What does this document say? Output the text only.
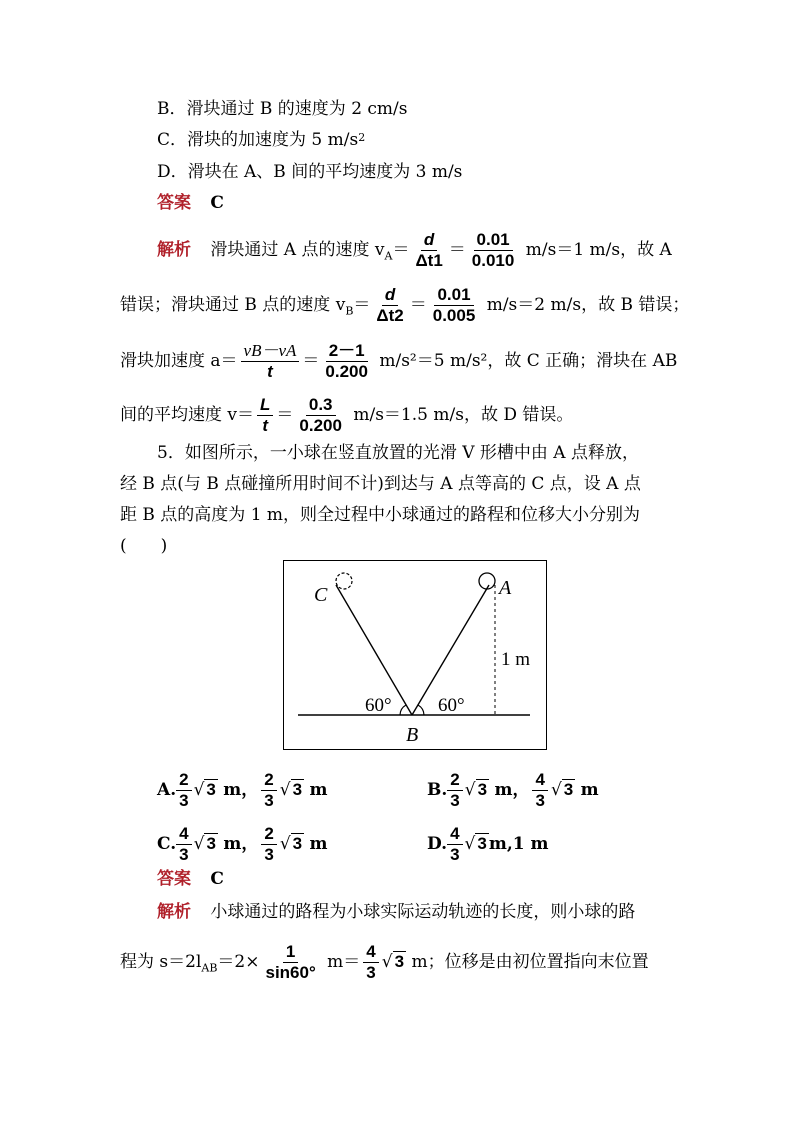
B．滑块通过 B 的速度为 2 cm/s
C．滑块的加速度为 5 $m/s^2$
D．滑块在 A、B 间的平均速度为 3 m/s
答案 C
解析 滑块通过 A 点的速度 $v_A= \frac{d}{\Delta t1} = \frac{0.01}{0.010} m/s=1$ m/s，故 A
错误；滑块通过 B 点的速度 $v_B= \frac{d}{\Delta t2} = \frac{0.01}{0.005} m/s=2$ m/s，故 B 错误；
滑块加速度 $a= \frac{vB-vA}{t} = \frac{2-1}{0.200} m/s^2=5$ m/s²，故 C 正确；滑块在 AB
间的平均速度 $v= \frac{L}{t} = \frac{0.3}{0.200} m/s=1.5$ m/s，故 D 错误。
5．如图所示，一小球在竖直放置的光滑 V 形槽中由 A 点释放，
经 B 点(与 B 点碰撞所用时间不计)到达与 A 点等高的 C 点，设 A 点
距 B 点的高度为 1 m，则全过程中小球通过的路程和位移大小分别为
(　　)
C	A
B
1 m
60° 60°
A. $\frac{2}{3}$ √ 3 m， $\frac{2}{3}$ √ 3 m	B. $\frac{2}{3}$ √ 3 m， $\frac{4}{3}$ √ 3 m
C. $\frac{4}{3}$ √ 3 m， $\frac{2}{3}$ √ 3 m	D. $\frac{4}{3}$ √ 3 m,1 m
答案 C
解析 小球通过的路程为小球实际运动轨迹的长度，则小球的路
程为 $s=2l_{AB}=2\times \frac{1}{\sin 60^\circ} m= \frac{4}{3}$ √ 3 m；位移是由初位置指向末位置
